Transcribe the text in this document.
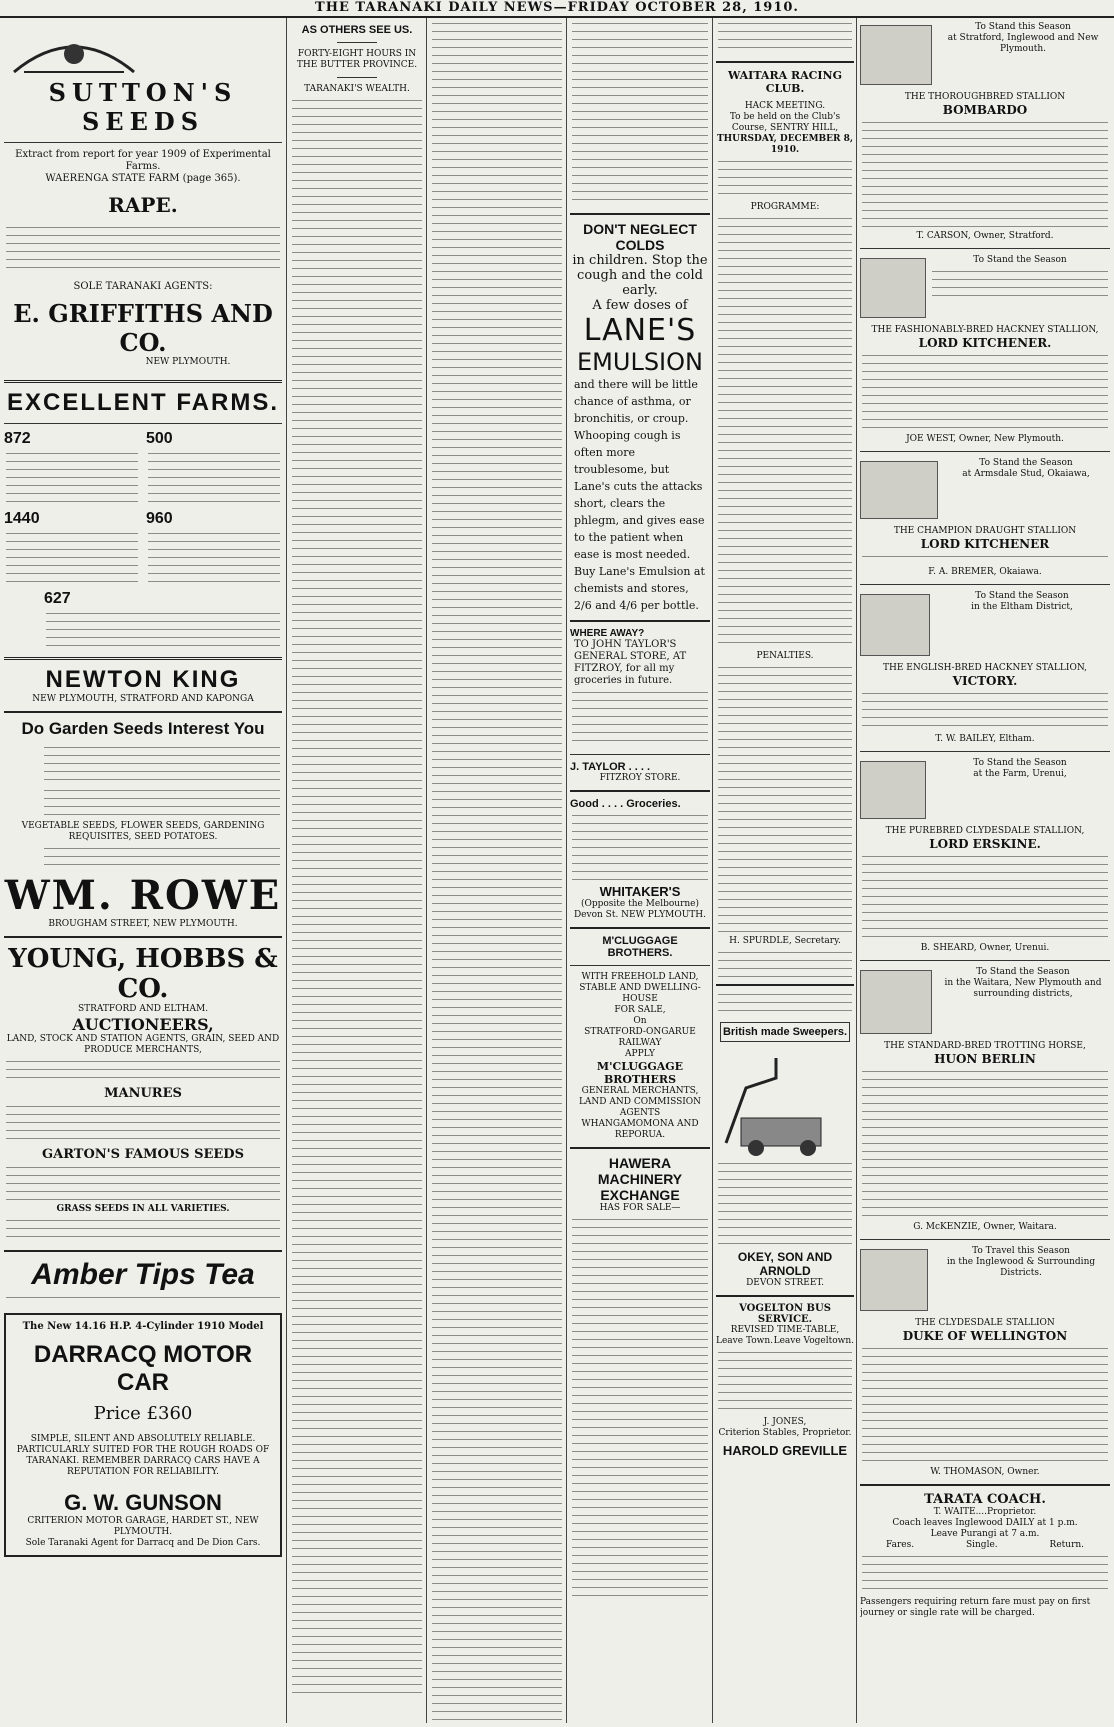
THE TARANAKI DAILY NEWS—FRIDAY OCTOBER 28, 1910.
SUTTON'S SEEDS
Extract from report for year 1909 of Experimental Farms.
WAERENGA STATE FARM (page 365).
RAPE.
SOLE TARANAKI AGENTS:
E. GRIFFITHS AND CO.
NEW PLYMOUTH.
EXCELLENT FARMS.
872
1440
500
960
627
NEWTON KING
NEW PLYMOUTH, STRATFORD AND KAPONGA
Do Garden Seeds Interest You
VEGETABLE SEEDS, FLOWER SEEDS, GARDENING REQUISITES, SEED POTATOES.
WM. ROWE
BROUGHAM STREET, NEW PLYMOUTH.
YOUNG, HOBBS & CO.
STRATFORD AND ELTHAM.
AUCTIONEERS,
LAND, STOCK AND STATION AGENTS, GRAIN, SEED AND PRODUCE MERCHANTS,
MANURES
GARTON'S FAMOUS SEEDS
GRASS SEEDS IN ALL VARIETIES.
Amber Tips Tea
The New 14.16 H.P. 4-Cylinder 1910 Model
DARRACQ MOTOR CAR
Price £360
SIMPLE, SILENT AND ABSOLUTELY RELIABLE. PARTICULARLY SUITED FOR THE ROUGH ROADS OF TARANAKI. REMEMBER DARRACQ CARS HAVE A REPUTATION FOR RELIABILITY.
G. W. GUNSON
CRITERION MOTOR GARAGE, HARDET ST., NEW PLYMOUTH.
Sole Taranaki Agent for Darracq and De Dion Cars.
AS OTHERS SEE US.
FORTY-EIGHT HOURS IN THE BUTTER PROVINCE.
TARANAKI'S WEALTH.
DON'T NEGLECT COLDS
in children. Stop the
cough and the cold early.
A few doses of
LANE'S
EMULSION
and there will be little chance of asthma, or bronchitis, or croup. Whooping cough is often more troublesome, but Lane's cuts the attacks short, clears the phlegm, and gives ease to the patient when ease is most needed. Buy Lane's Emulsion at chemists and stores, 2/6 and 4/6 per bottle.
WHERE AWAY?
TO JOHN TAYLOR'S GENERAL STORE, AT FITZROY, for all my groceries in future.
J. TAYLOR . . . .
FITZROY STORE.
Good . . . . Groceries.
WHITAKER'S
(Opposite the Melbourne)
Devon St. NEW PLYMOUTH.
M'CLUGGAGE BROTHERS.
WITH FREEHOLD LAND, STABLE AND DWELLING-HOUSE
FOR SALE,
On
STRATFORD-ONGARUE RAILWAY
APPLY
M'CLUGGAGE BROTHERS
GENERAL MERCHANTS, LAND AND COMMISSION AGENTS
WHANGAMOMONA AND REPORUA.
HAWERA MACHINERY EXCHANGE
HAS FOR SALE—
WAITARA RACING CLUB.
HACK MEETING.
To be held on the Club's Course, SENTRY HILL,
THURSDAY, DECEMBER 8, 1910.
PROGRAMME:
PENALTIES.
H. SPURDLE, Secretary.
British made Sweepers.
OKEY, SON AND ARNOLD
DEVON STREET.
VOGELTON BUS SERVICE.
REVISED TIME-TABLE,
Leave Town. Leave Vogeltown.
J. JONES,
Criterion Stables, Proprietor.
HAROLD GREVILLE
To Stand this Season
at Stratford, Inglewood and New Plymouth.
THE THOROUGHBRED STALLION
BOMBARDO
T. CARSON, Owner, Stratford.
To Stand the Season
THE FASHIONABLY-BRED HACKNEY STALLION,
LORD KITCHENER.
JOE WEST, Owner, New Plymouth.
To Stand the Season
at Armsdale Stud, Okaiawa,
THE CHAMPION DRAUGHT STALLION
LORD KITCHENER
F. A. BREMER, Okaiawa.
To Stand the Season
in the Eltham District,
THE ENGLISH-BRED HACKNEY STALLION,
VICTORY.
T. W. BAILEY, Eltham.
To Stand the Season
at the Farm, Urenui,
THE PUREBRED CLYDESDALE STALLION,
LORD ERSKINE.
B. SHEARD, Owner, Urenui.
To Stand the Season
in the Waitara, New Plymouth and surrounding districts,
THE STANDARD-BRED TROTTING HORSE,
HUON BERLIN
G. McKENZIE, Owner, Waitara.
To Travel this Season
in the Inglewood & Surrounding Districts.
THE CLYDESDALE STALLION
DUKE OF WELLINGTON
W. THOMASON, Owner.
TARATA COACH.
T. WAITE....Proprietor.
Coach leaves Inglewood DAILY at 1 p.m.
Leave Purangi at 7 a.m.
Fares.	Single.	Return.
Passengers requiring return fare must pay on first journey or single rate will be charged.
